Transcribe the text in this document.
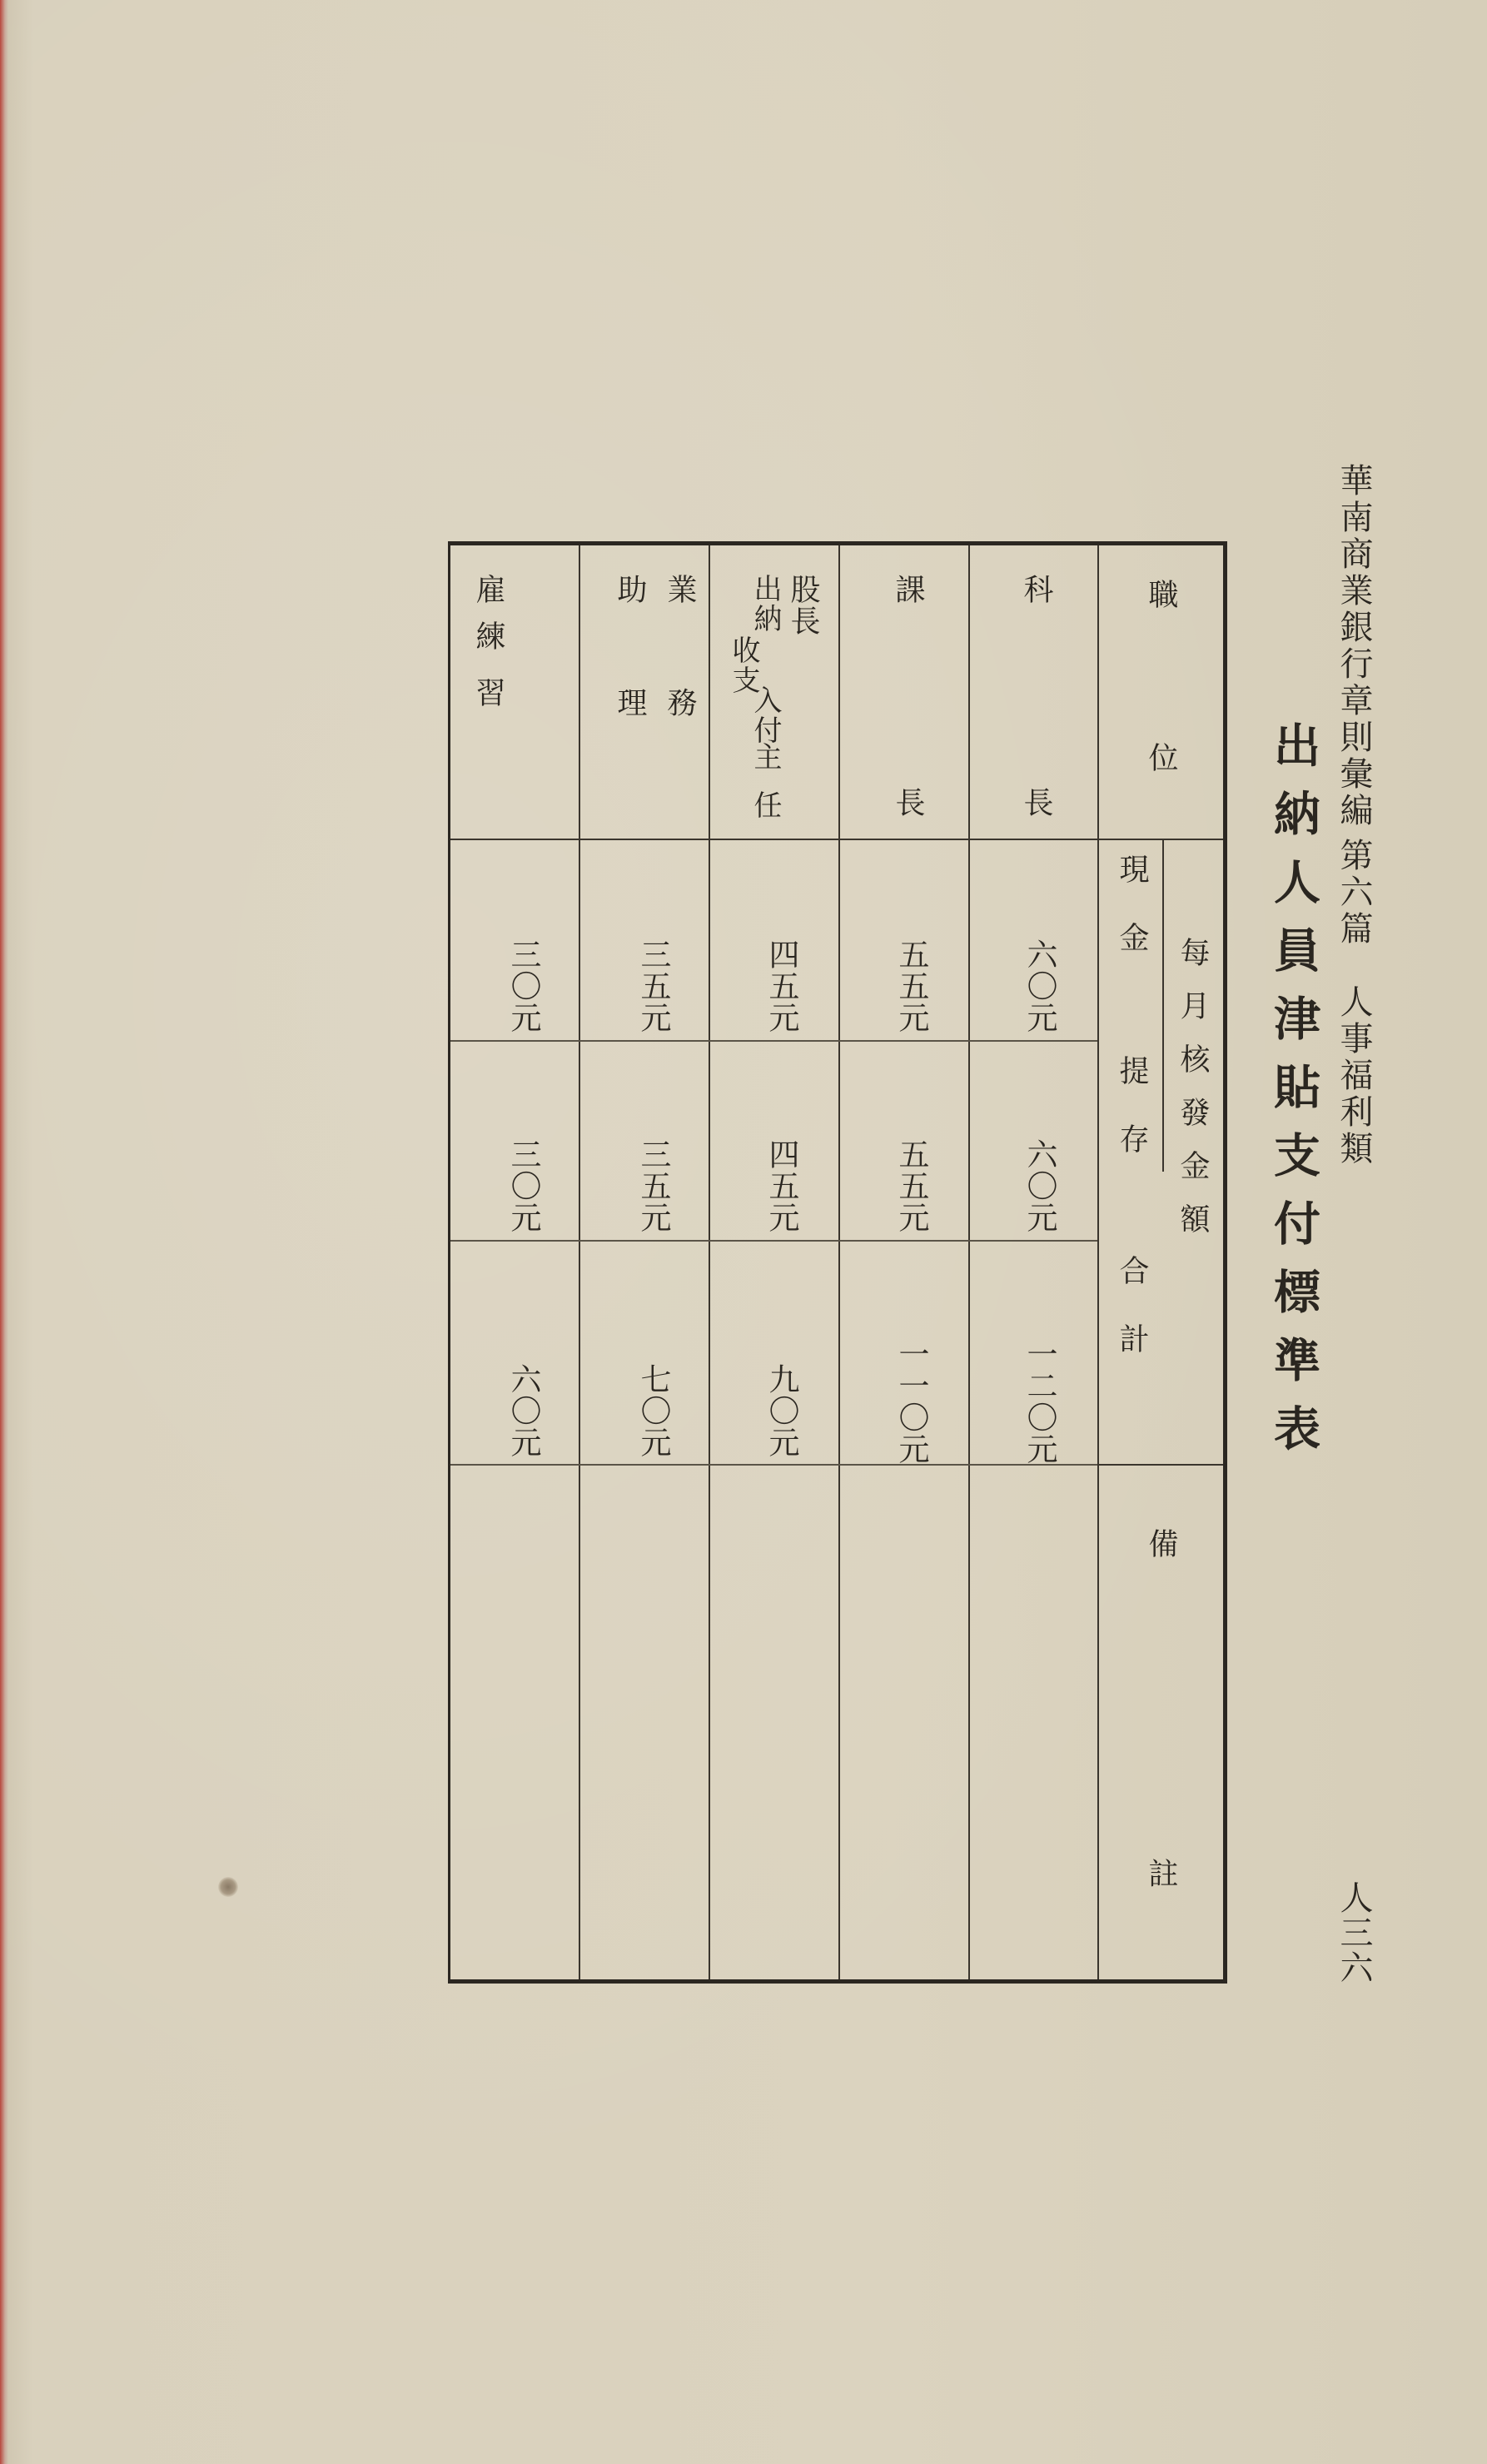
華南商業銀行章則彙編
第六篇　人事福利類
人三六
出納人員津貼支付標準表
職位
每月核發金額
現金
提存
合計
備註
科
長
六〇元
六〇元
一二〇元
課
長
五五元
五五元
一一〇元
股長
出納
收支
入付
主任
四五元
四五元
九〇元
業務
助理
三五元
三五元
七〇元
雇練
習
三〇元
三〇元
六〇元
